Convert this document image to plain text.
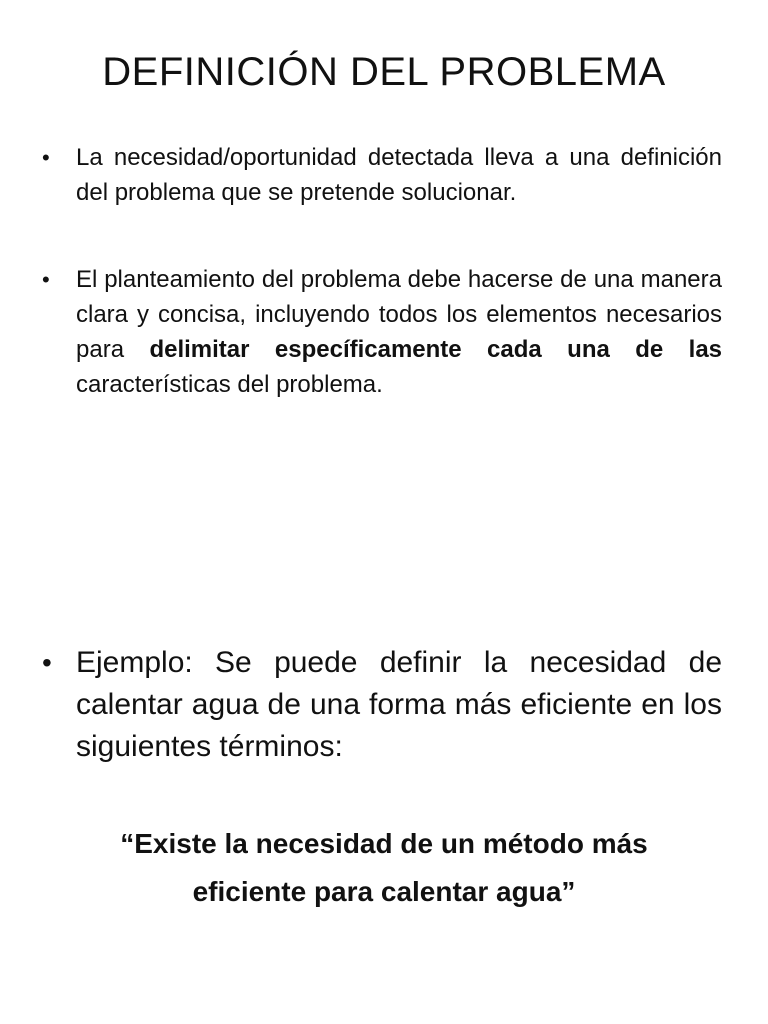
DEFINICIÓN DEL PROBLEMA
•	La necesidad/oportunidad detectada lleva a una definición del problema que se pretende solucionar.
•	El planteamiento del problema debe hacerse de una manera clara y concisa, incluyendo todos los elementos necesarios para delimitar específicamente cada una de las características del problema.
• Ejemplo: Se puede definir la necesidad de calentar agua de una forma más eficiente en los siguientes términos:
“Existe la necesidad de un método más
eficiente para calentar agua”
